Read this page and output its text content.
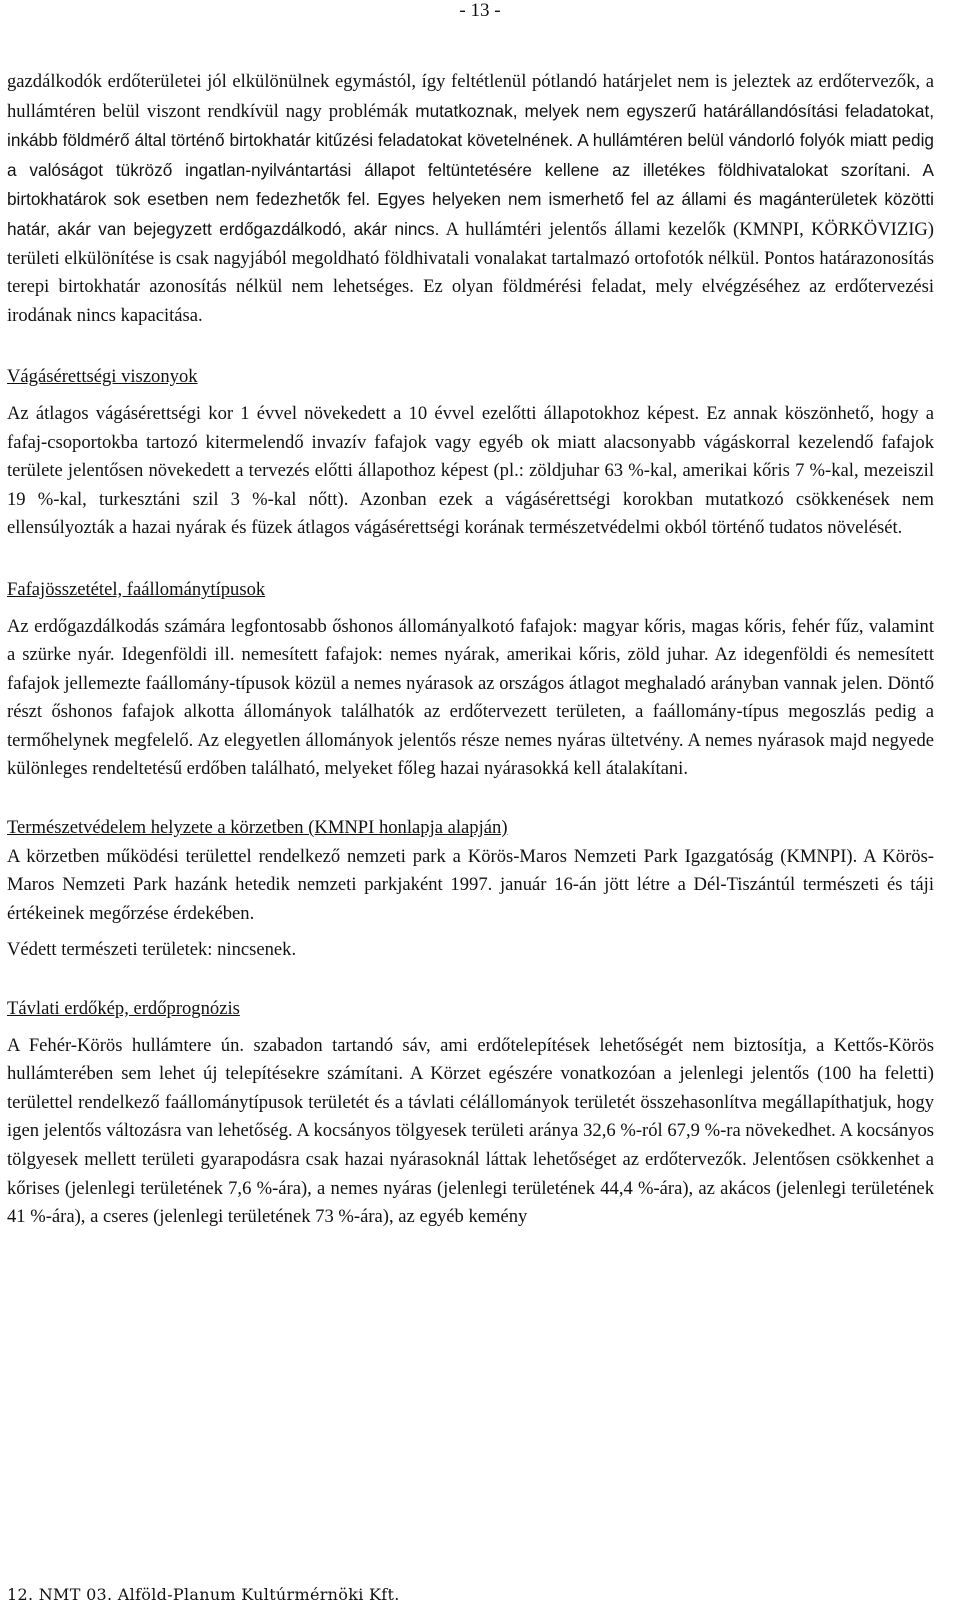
- 13 -

gazdálkodók erdőterületei jól elkülönülnek egymástól, így feltétlenül pótlandó határjelet nem is jeleztek az erdőtervezők, a hullámtéren belül viszont rendkívül nagy problémák mutatkoznak, melyek nem egyszerű határállandósítási feladatokat, inkább földmérő által történő birtokhatár kitűzési feladatokat követelnének. A hullámtéren belül vándorló folyók miatt pedig a valóságot tükröző ingatlan-nyilvántartási állapot feltüntetésére kellene az illetékes földhivatalokat szorítani. A birtokhatárok sok esetben nem fedezhetők fel. Egyes helyeken nem ismerhető fel az állami és magánterületek közötti határ, akár van bejegyzett erdőgazdálkodó, akár nincs. A hullámtéri jelentős állami kezelők (KMNPI, KÖRKÖVIZIG) területi elkülönítése is csak nagyjából megoldható földhivatali vonalakat tartalmazó ortofotók nélkül. Pontos határazonosítás terepi birtokhatár azonosítás nélkül nem lehetséges. Ez olyan földmérési feladat, mely elvégzéséhez az erdőtervezési irodának nincs kapacitása.

Vágásérettségi viszonyok

Az átlagos vágásérettségi kor 1 évvel növekedett a 10 évvel ezelőtti állapotokhoz képest. Ez annak köszönhető, hogy a fafaj-csoportokba tartozó kitermelendő invazív fafajok vagy egyéb ok miatt alacsonyabb vágáskorral kezelendő fafajok területe jelentősen növekedett a tervezés előtti állapothoz képest (pl.: zöldjuhar 63 %-kal, amerikai kőris 7 %-kal, mezeiszil 19 %-kal, turkesztáni szil 3 %-kal nőtt). Azonban ezek a vágásérettségi korokban mutatkozó csökkenések nem ellensúlyozták a hazai nyárak és füzek átlagos vágásérettségi korának természetvédelmi okból történő tudatos növelését.

Fafajösszetétel, faállománytípusok

Az erdőgazdálkodás számára legfontosabb őshonos állományalkotó fafajok: magyar kőris, magas kőris, fehér fűz, valamint a szürke nyár. Idegenföldi ill. nemesített fafajok: nemes nyárak, amerikai kőris, zöld juhar. Az idegenföldi és nemesített fafajok jellemezte faállomány-típusok közül a nemes nyárasok az országos átlagot meghaladó arányban vannak jelen. Döntő részt őshonos fafajok alkotta állományok találhatók az erdőtervezett területen, a faállomány-típus megoszlás pedig a termőhelynek megfelelő. Az elegyetlen állományok jelentős része nemes nyáras ültetvény. A nemes nyárasok majd negyede különleges rendeltetésű erdőben található, melyeket főleg hazai nyárasokká kell átalakítani.

Természetvédelem helyzete a körzetben (KMNPI honlapja alapján)

A körzetben működési területtel rendelkező nemzeti park a Körös-Maros Nemzeti Park Igazgatóság (KMNPI). A Körös-Maros Nemzeti Park hazánk hetedik nemzeti parkjaként 1997. január 16-án jött létre a Dél-Tiszántúl természeti és táji értékeinek megőrzése érdekében.

Védett természeti területek: nincsenek.

Távlati erdőkép, erdőprognózis

A Fehér-Körös hullámtere ún. szabadon tartandó sáv, ami erdőtelepítések lehetőségét nem biztosítja, a Kettős-Körös hullámterében sem lehet új telepítésekre számítani. A Körzet egészére vonatkozóan a jelenlegi jelentős (100 ha feletti) területtel rendelkező faállománytípusok területét és a távlati célállományok területét összehasonlítva megállapíthatjuk, hogy igen jelentős változásra van lehetőség. A kocsányos tölgyesek területi aránya 32,6 %-ról 67,9 %-ra növekedhet. A kocsányos tölgyesek mellett területi gyarapodásra csak hazai nyárasoknál láttak lehetőséget az erdőtervezők. Jelentősen csökkenhet a kőrises (jelenlegi területének 7,6 %-ára), a nemes nyáras (jelenlegi területének 44,4 %-ára), az akácos (jelenlegi területének 41 %-ára), a cseres (jelenlegi területének 73 %-ára), az egyéb kemény

12. NMT 03. Alföld-Planum Kultúrmérnöki Kft.
